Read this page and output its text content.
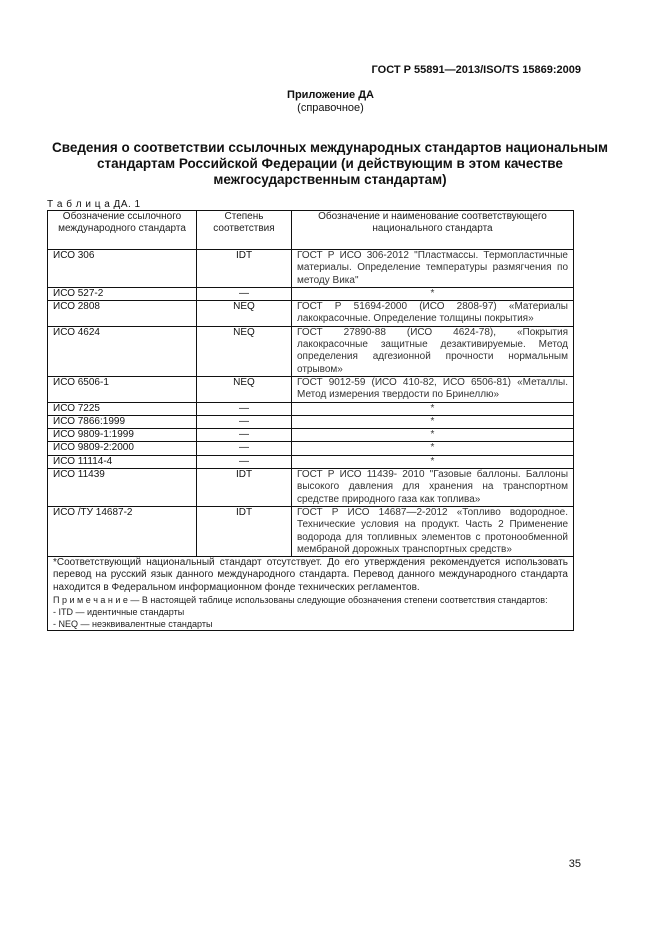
ГОСТ Р 55891—2013/ISO/TS 15869:2009
Приложение ДА
(справочное)
Сведения о соответствии ссылочных международных стандартов национальным стандартам Российской Федерации (и действующим в этом качестве межгосударственным стандартам)
Т а б л и ц а ДА. 1
Обозначение ссылочного международного стандарта	Степень соответствия	Обозначение и наименование соответствующего национального стандарта
ИСО 306	IDT	ГОСТ Р ИСО 306-2012 "Пластмассы. Термопластичные материалы. Определение температуры размягчения по методу Вика"
ИСО 527-2	—	*
ИСО 2808	NEQ	ГОСТ Р 51694-2000 (ИСО 2808-97) «Материалы лакокрасочные. Определение толщины покрытия»
ИСО 4624	NEQ	ГОСТ 27890-88 (ИСО 4624-78), «Покрытия лакокрасочные защитные дезактивируемые. Метод определения адгезионной прочности нормальным отрывом»
ИСО 6506-1	NEQ	ГОСТ 9012-59 (ИСО 410-82, ИСО 6506-81) «Металлы. Метод измерения твердости по Бринеллю»
ИСО 7225	—	*
ИСО 7866:1999	—	*
ИСО 9809-1:1999	—	*
ИСО 9809-2:2000	—	*
ИСО 11114-4	—	*
ИСО 11439	IDT	ГОСТ Р ИСО 11439- 2010 "Газовые баллоны. Баллоны высокого давления для хранения на транспортном средстве природного газа как топлива»
ИСО /ТУ 14687-2	IDT	ГОСТ Р ИСО 14687—2-2012 «Топливо водородное. Технические условия на продукт. Часть 2 Применение водорода для топливных элементов с протонообменной мембраной дорожных транспортных средств»

*Соответствующий национальный стандарт отсутствует. До его утверждения рекомендуется использовать перевод на русский язык данного международного стандарта. Перевод данного международного стандарта находится в Федеральном информационном фонде технических регламентов.
П р и м е ч а н и е — В настоящей таблице использованы следующие обозначения степени соответствия стандартов:
- ITD — идентичные стандарты
- NEQ — неэквивалентные стандарты		
35
